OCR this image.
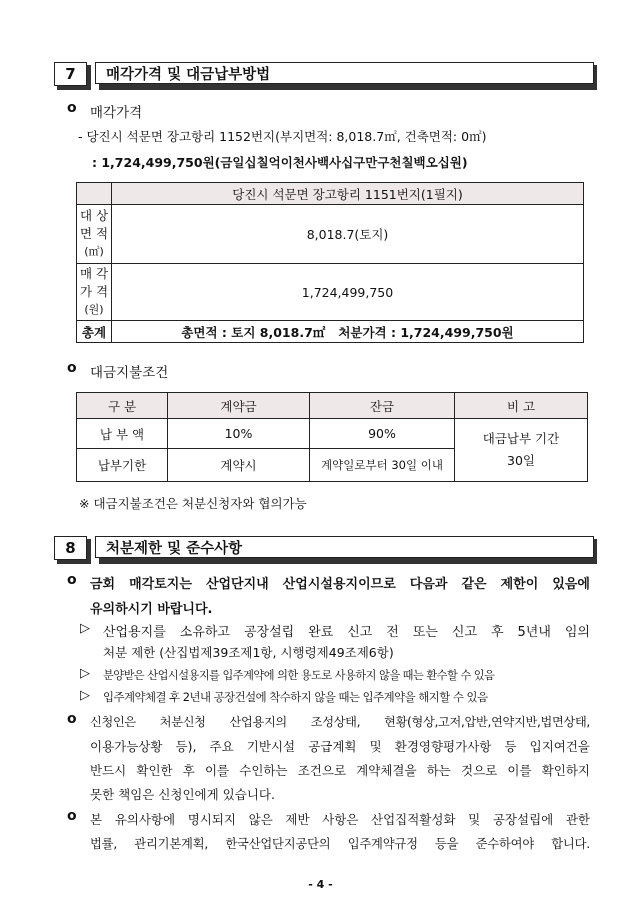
7 매각가격 및 대금납부방법
o 매각가격
- 당진시 석문면 장고항리 1152번지(부지면적: 8,018.7㎡, 건축면적: 0㎡)
: 1,724,499,750원(금일십칠억이천사백사십구만구천칠백오십원)
	당진시 석문면 장고항리 1151번지(1필지)

대 상
면 적
(㎡)	8,018.7(토지)

매 각
가 격
(원)	1,724,499,750
총계	총면적 : 토지 8,018.7㎡   처분가격 : 1,724,499,750원
o 대금지불조건
구 분	계약금	잔금	비 고
납 부 액	10%	90%	대금납부 기간
30일

납부기한	계약시	계약일로부터 30일 이내	
※ 대금지불조건은 처분신청자와 협의가능
8 처분제한 및 준수사항
o 금회 매각토지는 산업단지내 산업시설용지이므로 다음과 같은 제한이 있음에
유의하시기 바랍니다.
▷ 산업용지를 소유하고 공장설립 완료 신고 전 또는 신고 후 5년내 임의
처분 제한 (산집법제39조제1항, 시행령제49조제6항)
▷ 분양받은 산업시설용지를 입주계약에 의한 용도로 사용하지 않을 때는 환수할 수 있음
▷ 입주계약체결 후 2년내 공장건설에 착수하지 않을 때는 입주계약을 해지할 수 있음
o 신청인은 처분신청 산업용지의 조성상태, 현황(형상,고저,압반,연약지반,법면상태,
이용가능상황 등), 주요 기반시설 공급계획 및 환경영향평가사항 등 입지여건을
반드시 확인한 후 이를 수인하는 조건으로 계약체결을 하는 것으로 이를 확인하지
못한 책임은 신청인에게 있습니다.
o 본 유의사항에 명시되지 않은 제반 사항은 산업집적활성화 및 공장설립에 관한
법률, 관리기본계획, 한국산업단지공단의 입주계약규정 등을 준수하여야 합니다.
- 4 -
